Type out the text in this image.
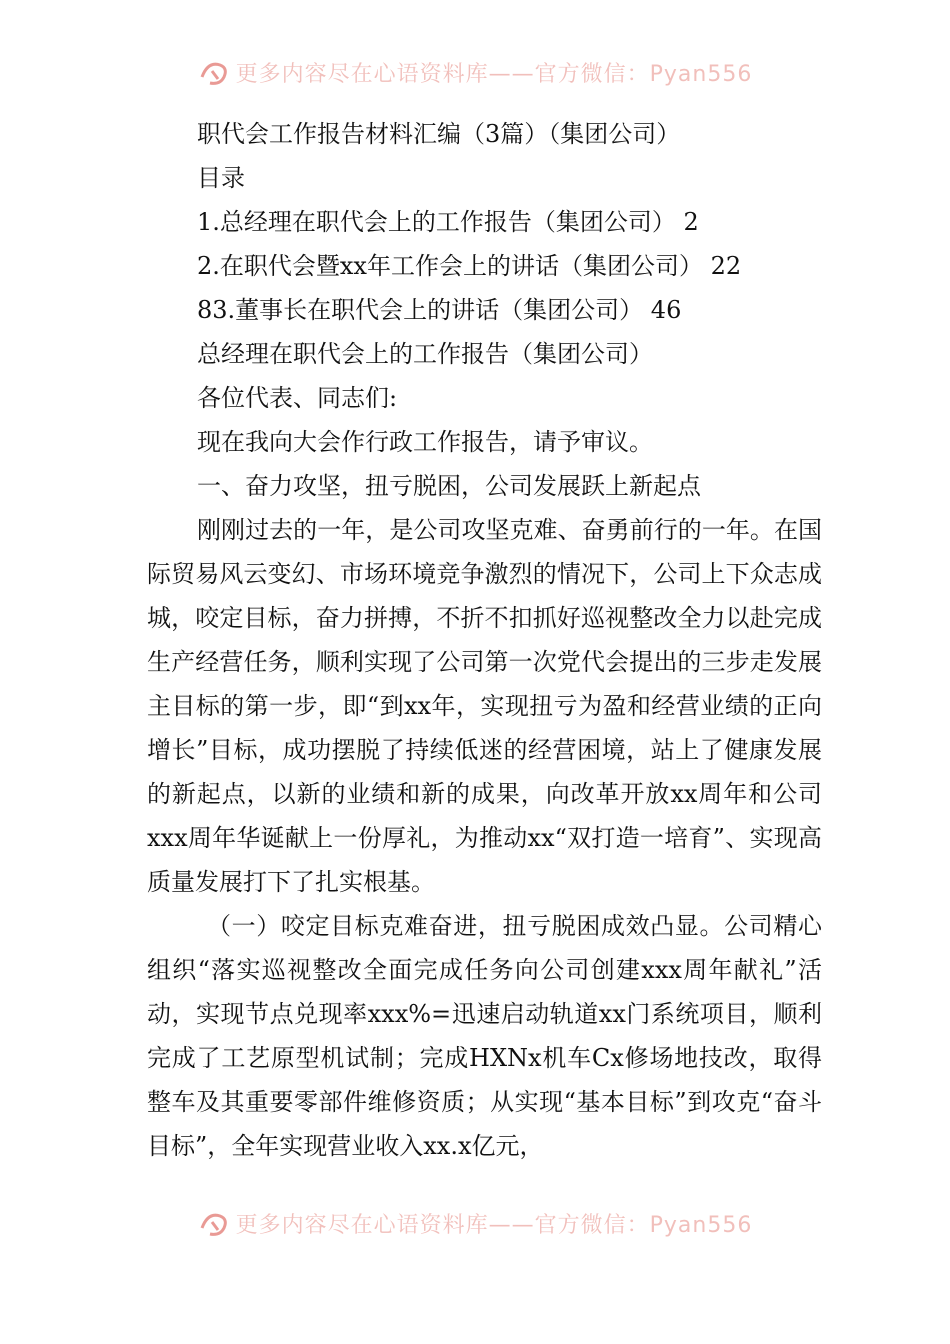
更多内容尽在心语资料库——官方微信：Pyan556

职代会工作报告材料汇编（3篇）（集团公司）

目录

1.总经理在职代会上的工作报告（集团公司） 2

2.在职代会暨xx年工作会上的讲话（集团公司） 22

83.董事长在职代会上的讲话（集团公司） 46

总经理在职代会上的工作报告（集团公司）

各位代表、同志们:

现在我向大会作行政工作报告，请予审议。

一、奋力攻坚，扭亏脱困，公司发展跃上新起点

刚刚过去的一年，是公司攻坚克难、奋勇前行的一年。在国际贸易风云变幻、市场环境竞争激烈的情况下，公司上下众志成城，咬定目标，奋力拼搏，不折不扣抓好巡视整改全力以赴完成生产经营任务，顺利实现了公司第一次党代会提出的三步走发展主目标的第一步，即“到xx年，实现扭亏为盈和经营业绩的正向增长”目标，成功摆脱了持续低迷的经营困境，站上了健康发展的新起点，以新的业绩和新的成果，向改革开放xx周年和公司xxx周年华诞献上一份厚礼，为推动xx“双打造一培育”、实现高质量发展打下了扎实根基。

（一）咬定目标克难奋进，扭亏脱困成效凸显。公司精心组织“落实巡视整改全面完成任务向公司创建xxx周年献礼”活动，实现节点兑现率xxx%=迅速启动轨道xx门系统项目，顺利完成了工艺原型机试制；完成HXNx机车Cx修场地技改，取得整车及其重要零部件维修资质；从实现“基本目标”到攻克“奋斗目标”，全年实现营业收入xx.x亿元，

更多内容尽在心语资料库——官方微信：Pyan556
